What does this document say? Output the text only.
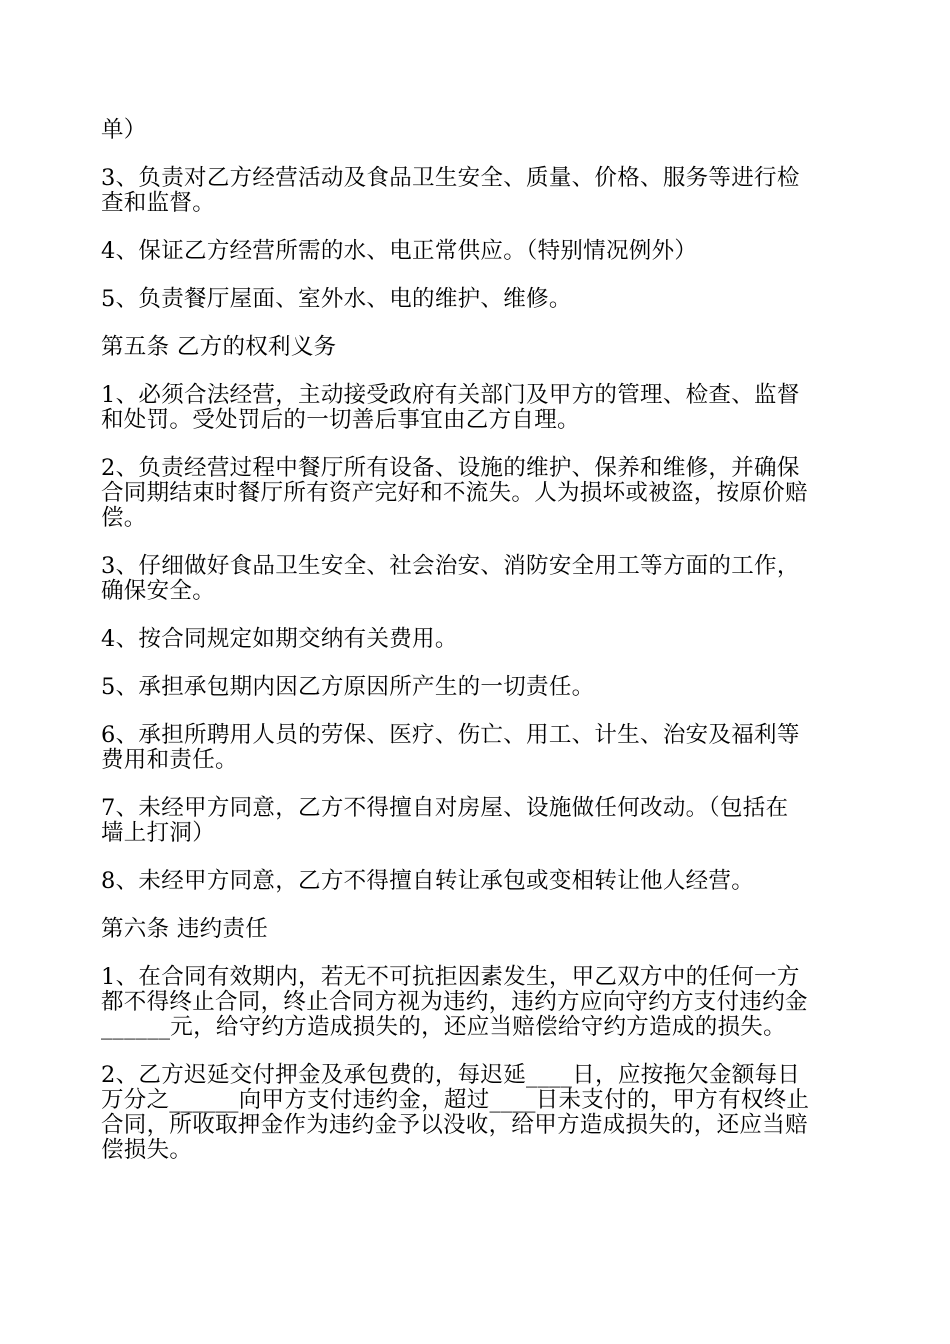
单）
3、负责对乙方经营活动及食品卫生安全、质量、价格、服务等进行检
查和监督。
4、保证乙方经营所需的水、电正常供应。（特别情况例外）
5、负责餐厅屋面、室外水、电的维护、维修。
第五条 乙方的权利义务
1、必须合法经营，主动接受政府有关部门及甲方的管理、检查、监督
和处罚。受处罚后的一切善后事宜由乙方自理。
2、负责经营过程中餐厅所有设备、设施的维护、保养和维修，并确保
合同期结束时餐厅所有资产完好和不流失。人为损坏或被盗，按原价赔
偿。
3、仔细做好食品卫生安全、社会治安、消防安全用工等方面的工作，
确保安全。
4、按合同规定如期交纳有关费用。
5、承担承包期内因乙方原因所产生的一切责任。
6、承担所聘用人员的劳保、医疗、伤亡、用工、计生、治安及福利等
费用和责任。
7、未经甲方同意，乙方不得擅自对房屋、设施做任何改动。（包括在
墙上打洞）
8、未经甲方同意，乙方不得擅自转让承包或变相转让他人经营。
第六条 违约责任
1、在合同有效期内，若无不可抗拒因素发生，甲乙双方中的任何一方
都不得终止合同，终止合同方视为违约，违约方应向守约方支付违约金
______元，给守约方造成损失的，还应当赔偿给守约方造成的损失。
2、乙方迟延交付押金及承包费的，每迟延____日，应按拖欠金额每日
万分之______向甲方支付违约金，超过____日未支付的，甲方有权终止
合同，所收取押金作为违约金予以没收，给甲方造成损失的，还应当赔
偿损失。
